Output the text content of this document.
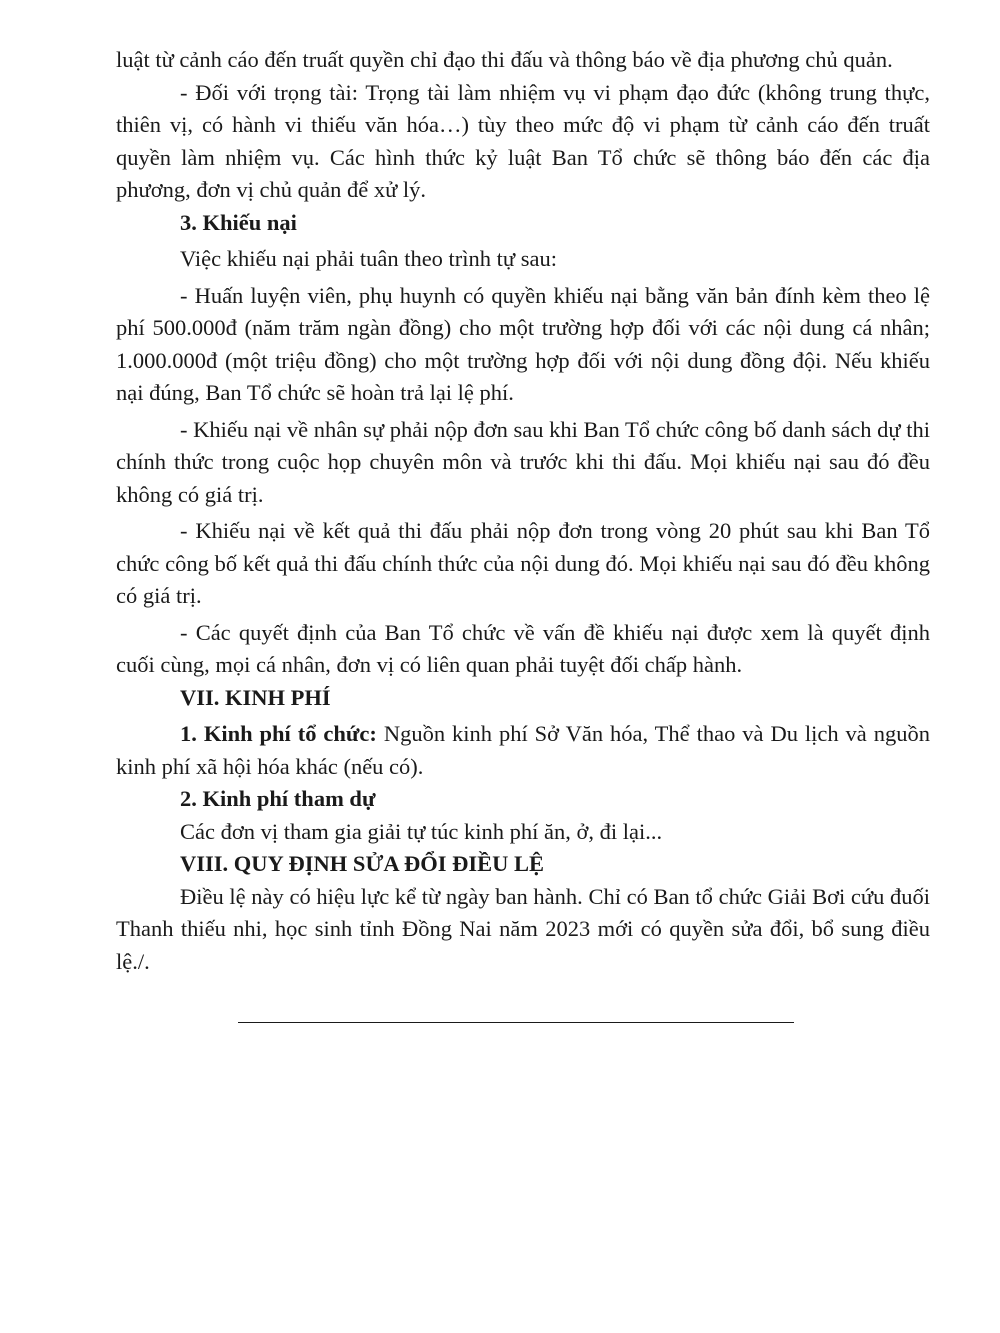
luật từ cảnh cáo đến truất quyền chỉ đạo thi đấu và thông báo về địa phương chủ quản.

- Đối với trọng tài: Trọng tài làm nhiệm vụ vi phạm đạo đức (không trung thực, thiên vị, có hành vi thiếu văn hóa…) tùy theo mức độ vi phạm từ cảnh cáo đến truất quyền làm nhiệm vụ. Các hình thức kỷ luật Ban Tổ chức sẽ thông báo đến các địa phương, đơn vị chủ quản để xử lý.

3. Khiếu nại

Việc khiếu nại phải tuân theo trình tự sau:

- Huấn luyện viên, phụ huynh có quyền khiếu nại bằng văn bản đính kèm theo lệ phí 500.000đ (năm trăm ngàn đồng) cho một trường hợp đối với các nội dung cá nhân; 1.000.000đ (một triệu đồng) cho một trường hợp đối với nội dung đồng đội. Nếu khiếu nại đúng, Ban Tổ chức sẽ hoàn trả lại lệ phí.

- Khiếu nại về nhân sự phải nộp đơn sau khi Ban Tổ chức công bố danh sách dự thi chính thức trong cuộc họp chuyên môn và trước khi thi đấu. Mọi khiếu nại sau đó đều không có giá trị.

- Khiếu nại về kết quả thi đấu phải nộp đơn trong vòng 20 phút sau khi Ban Tổ chức công bố kết quả thi đấu chính thức của nội dung đó. Mọi khiếu nại sau đó đều không có giá trị.

- Các quyết định của Ban Tổ chức về vấn đề khiếu nại được xem là quyết định cuối cùng, mọi cá nhân, đơn vị có liên quan phải tuyệt đối chấp hành.

VII. KINH PHÍ

1. Kinh phí tổ chức: Nguồn kinh phí Sở Văn hóa, Thể thao và Du lịch và nguồn kinh phí xã hội hóa khác (nếu có).

2. Kinh phí tham dự

Các đơn vị tham gia giải tự túc kinh phí ăn, ở, đi lại...

VIII. QUY ĐỊNH SỬA ĐỔI ĐIỀU LỆ

Điều lệ này có hiệu lực kể từ ngày ban hành. Chỉ có Ban tổ chức Giải Bơi cứu đuối Thanh thiếu nhi, học sinh tỉnh Đồng Nai năm 2023 mới có quyền sửa đổi, bổ sung điều lệ./.
